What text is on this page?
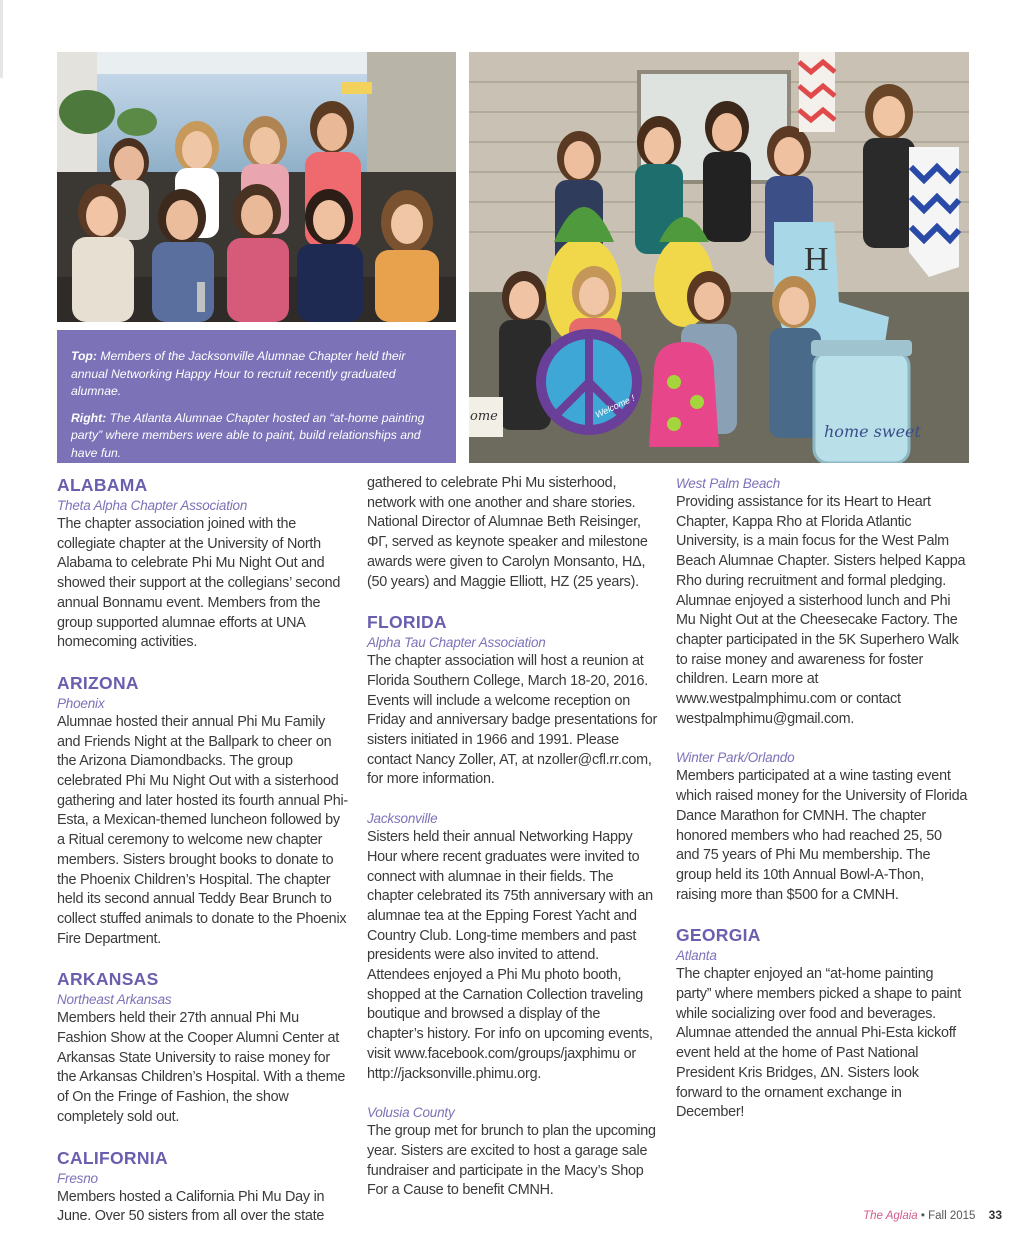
H
Welcome !
home sweet
ome

Top: Members of the Jacksonville Alumnae Chapter held their annual Networking Happy Hour to recruit recently graduated alumnae.

Right: The Atlanta Alumnae Chapter hosted an “at-home painting party” where members were able to paint, build relationships and have fun.

ALABAMA
Theta Alpha Chapter Association

The chapter association joined with the collegiate chapter at the University of North Alabama to celebrate Phi Mu Night Out and showed their support at the collegians’ second annual Bonnamu event. Members from the group supported alumnae efforts at UNA homecoming activities.

ARIZONA
Phoenix

Alumnae hosted their annual Phi Mu Family and Friends Night at the Ballpark to cheer on the Arizona Diamondbacks. The group celebrated Phi Mu Night Out with a sisterhood gathering and later hosted its fourth annual Phi-Esta, a Mexican-themed luncheon followed by a Ritual ceremony to welcome new chapter members. Sisters brought books to donate to the Phoenix Children’s Hospital. The chapter held its second annual Teddy Bear Brunch to collect stuffed animals to donate to the Phoenix Fire Department.

ARKANSAS
Northeast Arkansas

Members held their 27th annual Phi Mu Fashion Show at the Cooper Alumni Center at Arkansas State University to raise money for the Arkansas Children’s Hospital. With a theme of On the Fringe of Fashion, the show completely sold out.

CALIFORNIA
Fresno

Members hosted a California Phi Mu Day in June. Over 50 sisters from all over the state

gathered to celebrate Phi Mu sisterhood, network with one another and share stories. National Director of Alumnae Beth Reisinger, ΦΓ, served as keynote speaker and milestone awards were given to Carolyn Monsanto, HΔ, (50 years) and Maggie Elliott, HZ (25 years).

FLORIDA
Alpha Tau Chapter Association

The chapter association will host a reunion at Florida Southern College, March 18-20, 2016. Events will include a welcome reception on Friday and anniversary badge presentations for sisters initiated in 1966 and 1991. Please contact Nancy Zoller, AT, at nzoller@cfl.rr.com, for more information.

Jacksonville

Sisters held their annual Networking Happy Hour where recent graduates were invited to connect with alumnae in their fields. The chapter celebrated its 75th anniversary with an alumnae tea at the Epping Forest Yacht and Country Club. Long-time members and past presidents were also invited to attend. Attendees enjoyed a Phi Mu photo booth, shopped at the Carnation Collection traveling boutique and browsed a display of the chapter’s history. For info on upcoming events, visit www.facebook.com/groups/jaxphimu or http://jacksonville.phimu.org.

Volusia County

The group met for brunch to plan the upcoming year. Sisters are excited to host a garage sale fundraiser and participate in the Macy’s Shop For a Cause to benefit CMNH.

West Palm Beach

Providing assistance for its Heart to Heart Chapter, Kappa Rho at Florida Atlantic University, is a main focus for the West Palm Beach Alumnae Chapter. Sisters helped Kappa Rho during recruitment and formal pledging. Alumnae enjoyed a sisterhood lunch and Phi Mu Night Out at the Cheesecake Factory. The chapter participated in the 5K Superhero Walk to raise money and awareness for foster children. Learn more at www.westpalmphimu.com or contact westpalmphimu@gmail.com.

Winter Park/Orlando

Members participated at a wine tasting event which raised money for the University of Florida Dance Marathon for CMNH. The chapter honored members who had reached 25, 50 and 75 years of Phi Mu membership. The group held its 10th Annual Bowl-A-Thon, raising more than $500 for a CMNH.

GEORGIA
Atlanta

The chapter enjoyed an “at-home painting party” where members picked a shape to paint while socializing over food and beverages. Alumnae attended the annual Phi-Esta kickoff event held at the home of Past National President Kris Bridges, ΔN. Sisters look forward to the ornament exchange in December!

The Aglaia • Fall 2015 33
